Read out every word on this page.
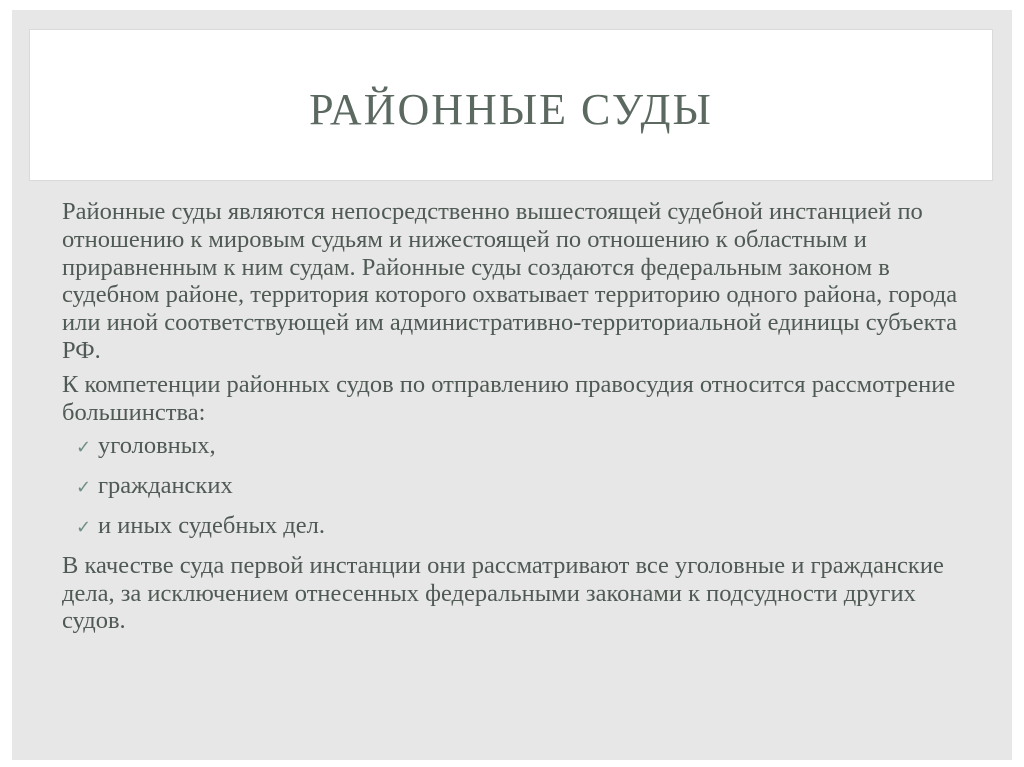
РАЙОННЫЕ СУДЫ

Районные суды являются непосредственно вышестоящей судебной инстанцией по отношению к мировым судьям и нижестоящей по отношению к областным и приравненным к ним судам. Районные суды создаются федеральным законом в судебном районе, территория которого охватывает территорию одного района, города или иной соответствующей им административно-территориальной единицы субъекта РФ.

К компетенции районных судов по отправлению правосудия относится рассмотрение большинства:

✓ уголовных,
✓ гражданских
✓ и иных судебных дел.

В качестве суда первой инстанции они рассматривают все уголовные и гражданские дела, за исключением отнесенных федеральными законами к подсудности других судов.
